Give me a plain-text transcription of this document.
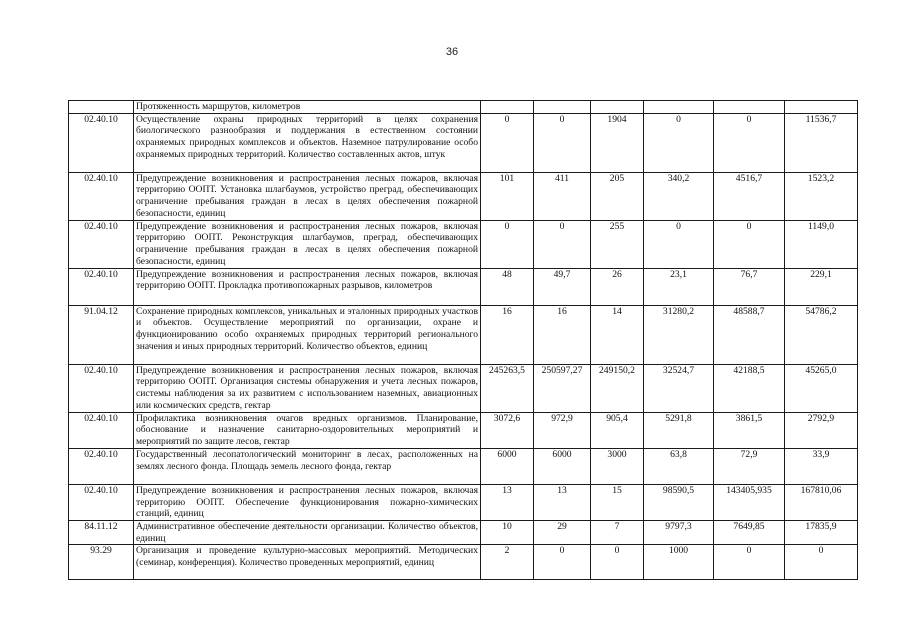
36
	Протяженность маршрутов, километров						
02.40.10	Осуществление охраны природных территорий в целях сохранения биологического разнообразия и поддержания в естественном состоянии охраняемых природных комплексов и объектов. Наземное патрулирование особо охраняемых природных территорий. Количество составленных актов, штук	0	0	1904	0	0	11536,7
02.40.10	Предупреждение возникновения и распространения лесных пожаров, включая территорию ООПТ. Установка шлагбаумов, устройство преград, обеспечивающих ограничение пребывания граждан в лесах в целях обеспечения пожарной безопасности, единиц	101	411	205	340,2	4516,7	1523,2
02.40.10	Предупреждение возникновения и распространения лесных пожаров, включая территорию ООПТ. Реконструкция шлагбаумов, преград, обеспечивающих ограничение пребывания граждан в лесах в целях обеспечения пожарной безопасности, единиц	0	0	255	0	0	1149,0
02.40.10	Предупреждение возникновения и распространения лесных пожаров, включая территорию ООПТ. Прокладка противопожарных разрывов, километров	48	49,7	26	23,1	76,7	229,1
91.04.12	Сохранение природных комплексов, уникальных и эталонных природных участков и объектов. Осуществление мероприятий по организации, охране и функционированию особо охраняемых природных территорий регионального значения и иных природных территорий. Количество объектов, единиц	16	16	14	31280,2	48588,7	54786,2
02.40.10	Предупреждение возникновения и распространения лесных пожаров, включая территорию ООПТ. Организация системы обнаружения и учета лесных пожаров, системы наблюдения за их развитием с использованием наземных, авиационных или космических средств, гектар	245263,5	250597,27	249150,2	32524,7	42188,5	45265,0
02.40.10	Профилактика возникновения очагов вредных организмов. Планирование, обоснование и назначение санитарно-оздоровительных мероприятий и мероприятий по защите лесов, гектар	3072,6	972,9	905,4	5291,8	3861,5	2792,9
02.40.10	Государственный лесопатологический мониторинг в лесах, расположенных на землях лесного фонда. Площадь земель лесного фонда, гектар	6000	6000	3000	63,8	72,9	33,9
02.40.10	Предупреждение возникновения и распространения лесных пожаров, включая территорию ООПТ. Обеспечение функционирования пожарно-химических станций, единиц	13	13	15	98590,5	143405,935	167810,06
84.11.12	Административное обеспечение деятельности организации. Количество объектов, единиц	10	29	7	9797,3	7649,85	17835,9
93.29	Организация и проведение культурно-массовых мероприятий. Методических (семинар, конференция). Количество проведенных мероприятий, единиц	2	0	0	1000	0	0
